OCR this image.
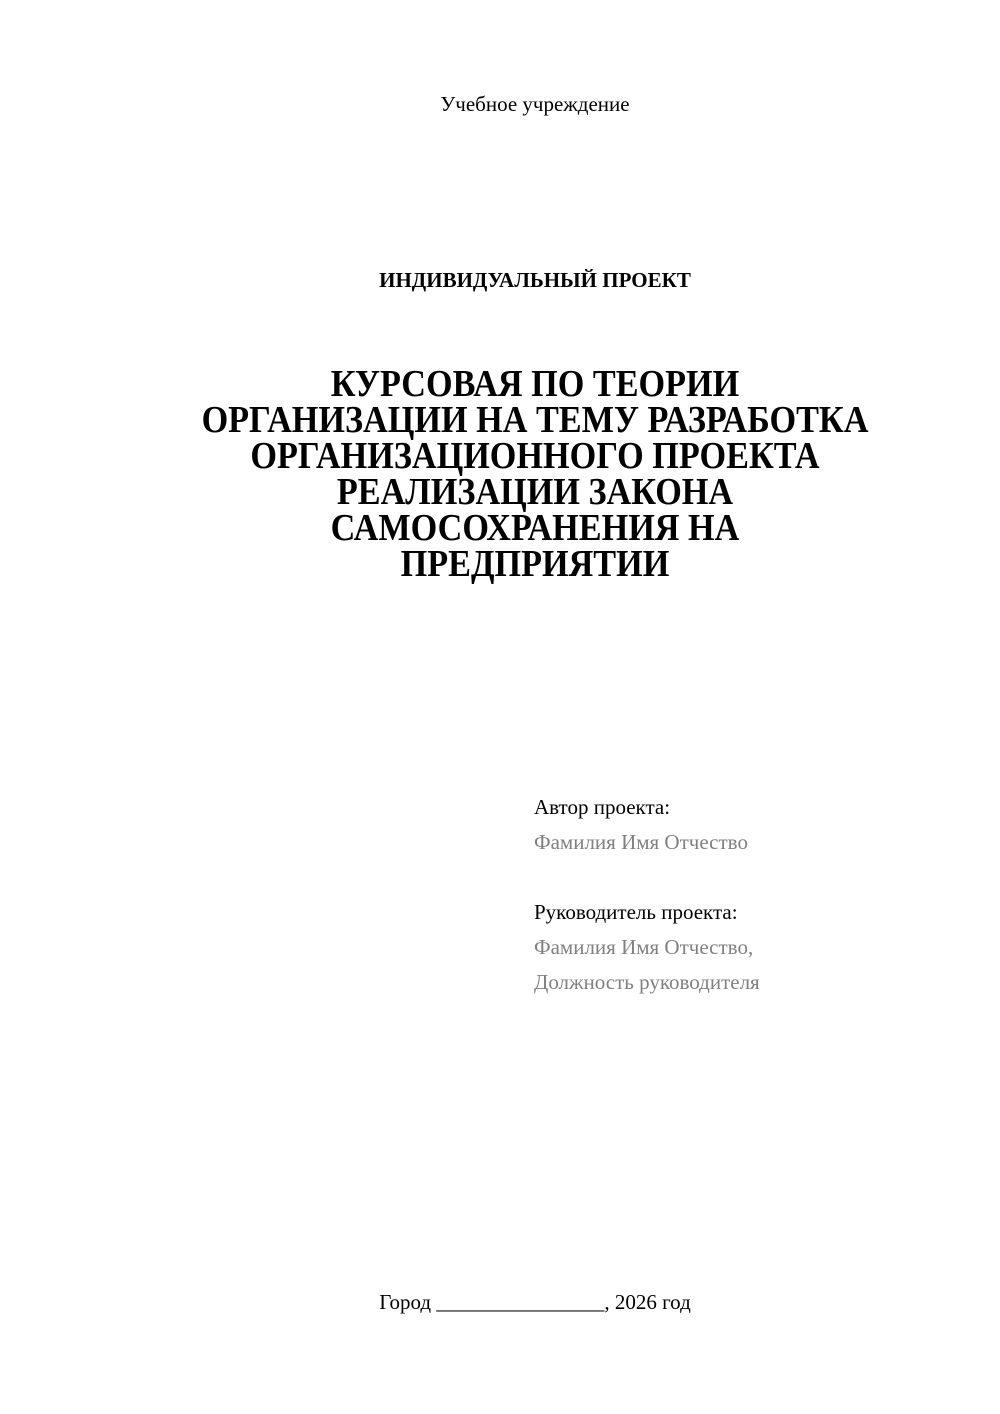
Учебное учреждение
ИНДИВИДУАЛЬНЫЙ ПРОЕКТ
КУРСОВАЯ ПО ТЕОРИИ
ОРГАНИЗАЦИИ НА ТЕМУ РАЗРАБОТКА
ОРГАНИЗАЦИОННОГО ПРОЕКТА
РЕАЛИЗАЦИИ ЗАКОНА
САМОСОХРАНЕНИЯ НА
ПРЕДПРИЯТИИ
Автор проекта:
Фамилия Имя Отчество
Руководитель проекта:
Фамилия Имя Отчество,
Должность руководителя
Город ________________, 2026 год
